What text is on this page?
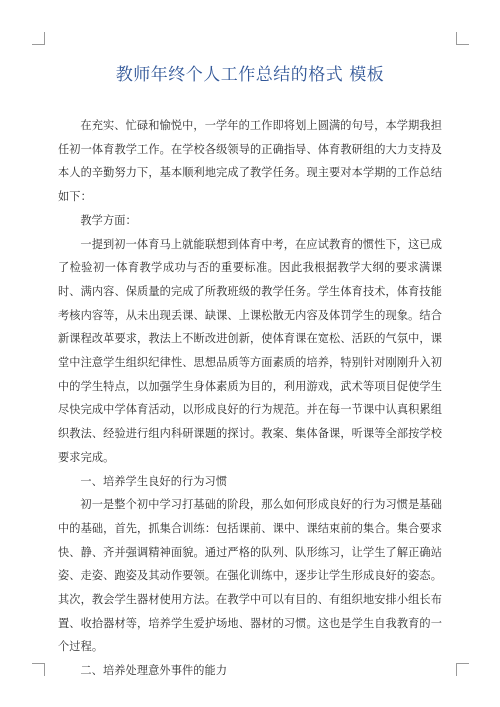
教师年终个人工作总结的格式 模板

在充实、忙碌和愉悦中，一学年的工作即将划上圆满的句号，本学期我担任初一体育教学工作。在学校各级领导的正确指导、体育教研组的大力支持及本人的辛勤努力下，基本顺利地完成了教学任务。现主要对本学期的工作总结如下：

教学方面：

一提到初一体育马上就能联想到体育中考，在应试教育的惯性下，这已成了检验初一体育教学成功与否的重要标准。因此我根据教学大纲的要求满课时、满内容、保质量的完成了所教班级的教学任务。学生体育技术，体育技能考核内容等，从未出现丢课、缺课、上课松散无内容及体罚学生的现象。结合新课程改革要求，教法上不断改进创新，使体育课在宽松、活跃的气氛中，课堂中注意学生组织纪律性、思想品质等方面素质的培养，特别针对刚刚升入初中的学生特点，以加强学生身体素质为目的，利用游戏，武术等项目促使学生尽快完成中学体育活动，以形成良好的行为规范。并在每一节课中认真积累组织教法、经验进行组内科研课题的探讨。教案、集体备课，听课等全部按学校要求完成。

一、培养学生良好的行为习惯

初一是整个初中学习打基础的阶段，那么如何形成良好的行为习惯是基础中的基础，首先，抓集合训练：包括课前、课中、课结束前的集合。集合要求快、静、齐并强调精神面貌。通过严格的队列、队形练习，让学生了解正确站姿、走姿、跑姿及其动作要领。在强化训练中，逐步让学生形成良好的姿态。其次，教会学生器材使用方法。在教学中可以有目的、有组织地安排小组长布置、收拾器材等，培养学生爱护场地、器材的习惯。这也是学生自我教育的一个过程。

二、培养处理意外事件的能力
